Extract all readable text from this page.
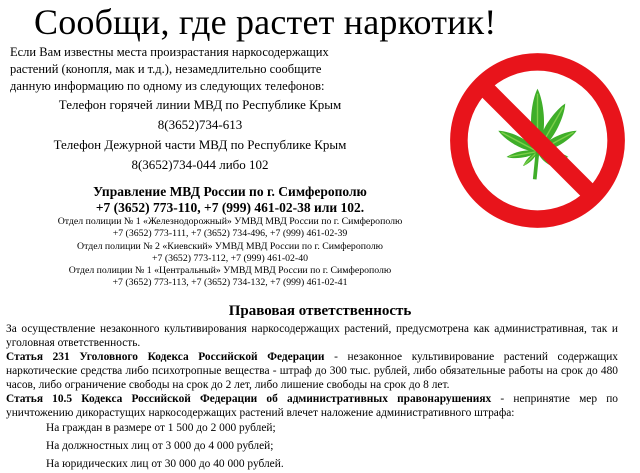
Сообщи, где растет наркотик!
Если Вам известны места произрастания наркосодержащих растений (конопля, мак и т.д.), незамедлительно сообщите данную информацию по одному из следующих телефонов:
Телефон горячей линии МВД по Республике Крым
8(3652)734-613
Телефон Дежурной части МВД по Республике Крым
8(3652)734-044 либо 102
Управление МВД России по г. Симферополю
+7 (3652) 773-110, +7 (999) 461-02-38 или 102.
Отдел полиции № 1 «Железнодорожный» УМВД МВД России по г. Симферополю
+7 (3652) 773-111, +7 (3652) 734-496, +7 (999) 461-02-39
Отдел полиции № 2 «Киевский» УМВД МВД России по г. Симферополю
+7 (3652) 773-112, +7 (999) 461-02-40
Отдел полиции № 1 «Центральный» УМВД МВД России по г. Симферополю
+7 (3652) 773-113, +7 (3652) 734-132, +7 (999) 461-02-41
Правовая ответственность

За осуществление незаконного культивирования наркосодержащих растений, предусмотрена как административная, так и уголовная ответственность.

Статья 231 Уголовного Кодекса Российской Федерации - незаконное культивирование растений содержащих наркотические средства либо психотропные вещества - штраф до 300 тыс. рублей, либо обязательные работы на срок до 480 часов, либо ограничение свободы на срок до 2 лет, либо лишение свободы на срок до 8 лет.

Статья 10.5 Кодекса Российской Федерации об административных правонарушениях - непринятие мер по уничтожению дикорастущих наркосодержащих растений влечет наложение административного штрафа:

На граждан в размере от 1 500 до 2 000 рублей;
На должностных лиц от 3 000 до 4 000 рублей;
На юридических лиц от 30 000 до 40 000 рублей.
